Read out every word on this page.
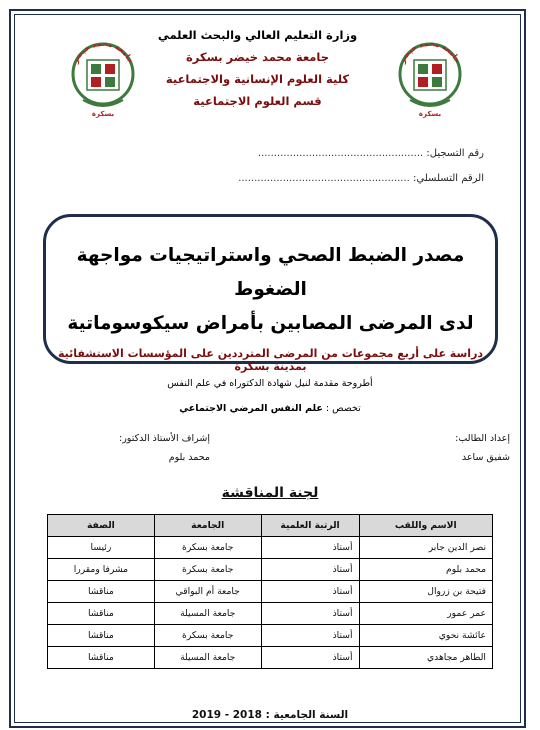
جامعة محمد خيضر
بسكرة
جامعة محمد خيضر
بسكرة
وزارة التعليم العالي والبحث العلمي
جامعة محمد خيضر بسكرة
كلية العلوم الإنسانية والاجتماعية
قسم العلوم الاجتماعية
رقم التسجيل: ....................................................
الرقم التسلسلي: ......................................................
مصدر الضبط الصحي واستراتيجيات مواجهة الضغوط
لدى المرضى المصابين بأمراض سيكوسوماتية
دراسة على أربع مجموعات من المرضى المترددين على المؤسسات الاستشفائية بمدينة بسكرة
أطروحة مقدمة لنيل شهادة الدكتوراه في علم النفس
تخصص : علم النفس المرضي الاجتماعي
إعداد الطالب:
شفيق ساعد
إشراف الأستاذ الدكتور:
محمد بلوم
لجنة المناقشة
الاسم واللقب	الرتبة العلمية	الجامعة	الصفة
نصر الدين جابر	أستاذ	جامعة بسكرة	رئيسا
محمد بلوم	أستاذ	جامعة بسكرة	مشرفا ومقررا
فتيحة بن زروال	أستاذ	جامعة أم البواقي	مناقشا
عمر عمور	أستاذ	جامعة المسيلة	مناقشا
عائشة نحوي	أستاذ	جامعة بسكرة	مناقشا
الطاهر مجاهدي	أستاذ	جامعة المسيلة	مناقشا
السنة الجامعية : 2018 - 2019
